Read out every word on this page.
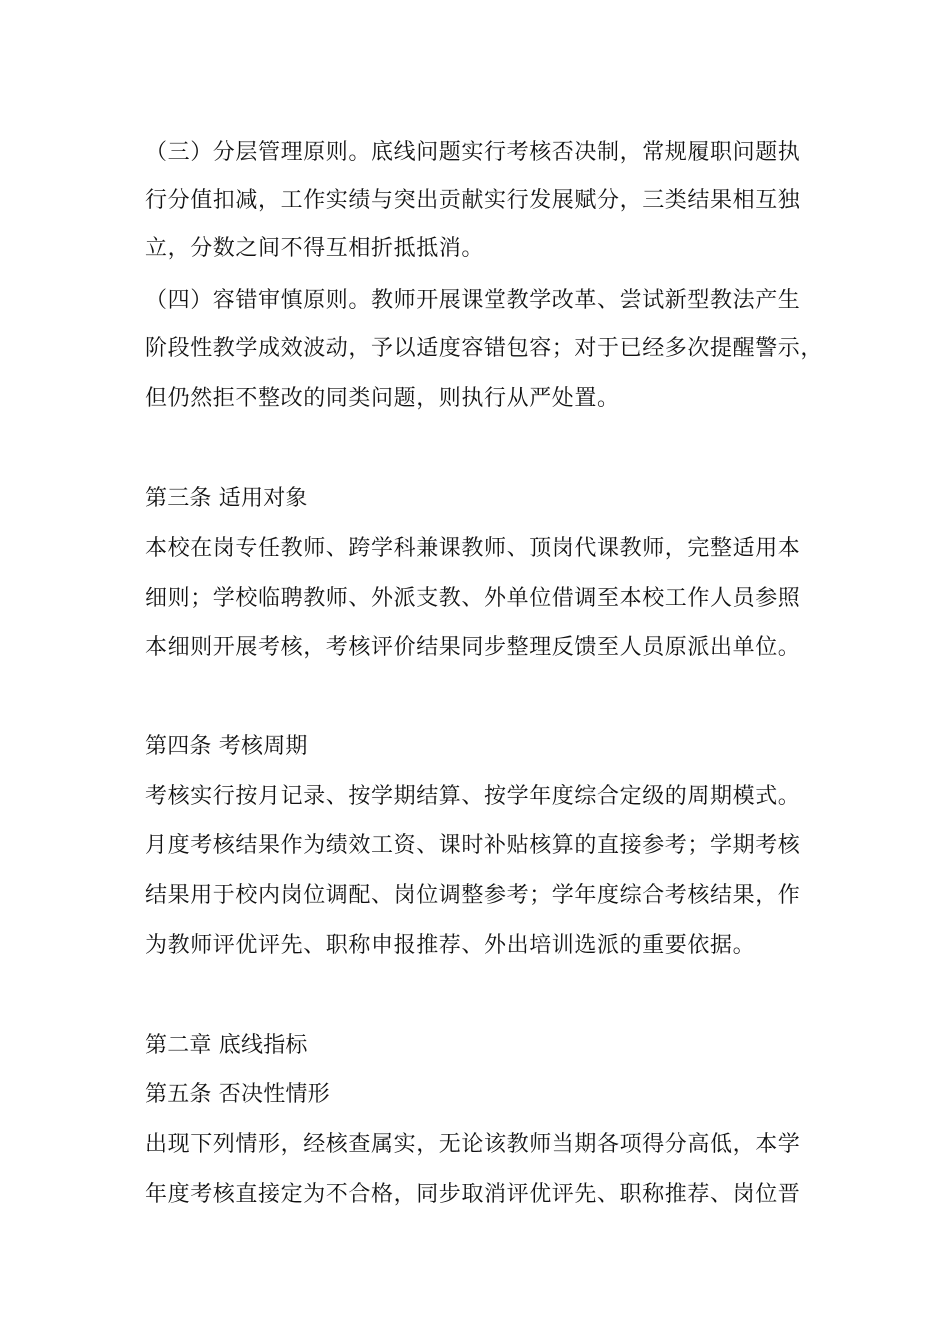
（三）分层管理原则。底线问题实行考核否决制，常规履职问题执
行分值扣减，工作实绩与突出贡献实行发展赋分，三类结果相互独
立，分数之间不得互相折抵抵消。
（四）容错审慎原则。教师开展课堂教学改革、尝试新型教法产生
阶段性教学成效波动，予以适度容错包容；对于已经多次提醒警示，
但仍然拒不整改的同类问题，则执行从严处置。
第三条 适用对象
本校在岗专任教师、跨学科兼课教师、顶岗代课教师，完整适用本
细则；学校临聘教师、外派支教、外单位借调至本校工作人员参照
本细则开展考核，考核评价结果同步整理反馈至人员原派出单位。
第四条 考核周期
考核实行按月记录、按学期结算、按学年度综合定级的周期模式。
月度考核结果作为绩效工资、课时补贴核算的直接参考；学期考核
结果用于校内岗位调配、岗位调整参考；学年度综合考核结果，作
为教师评优评先、职称申报推荐、外出培训选派的重要依据。
第二章 底线指标
第五条 否决性情形
出现下列情形，经核查属实，无论该教师当期各项得分高低，本学
年度考核直接定为不合格，同步取消评优评先、职称推荐、岗位晋
